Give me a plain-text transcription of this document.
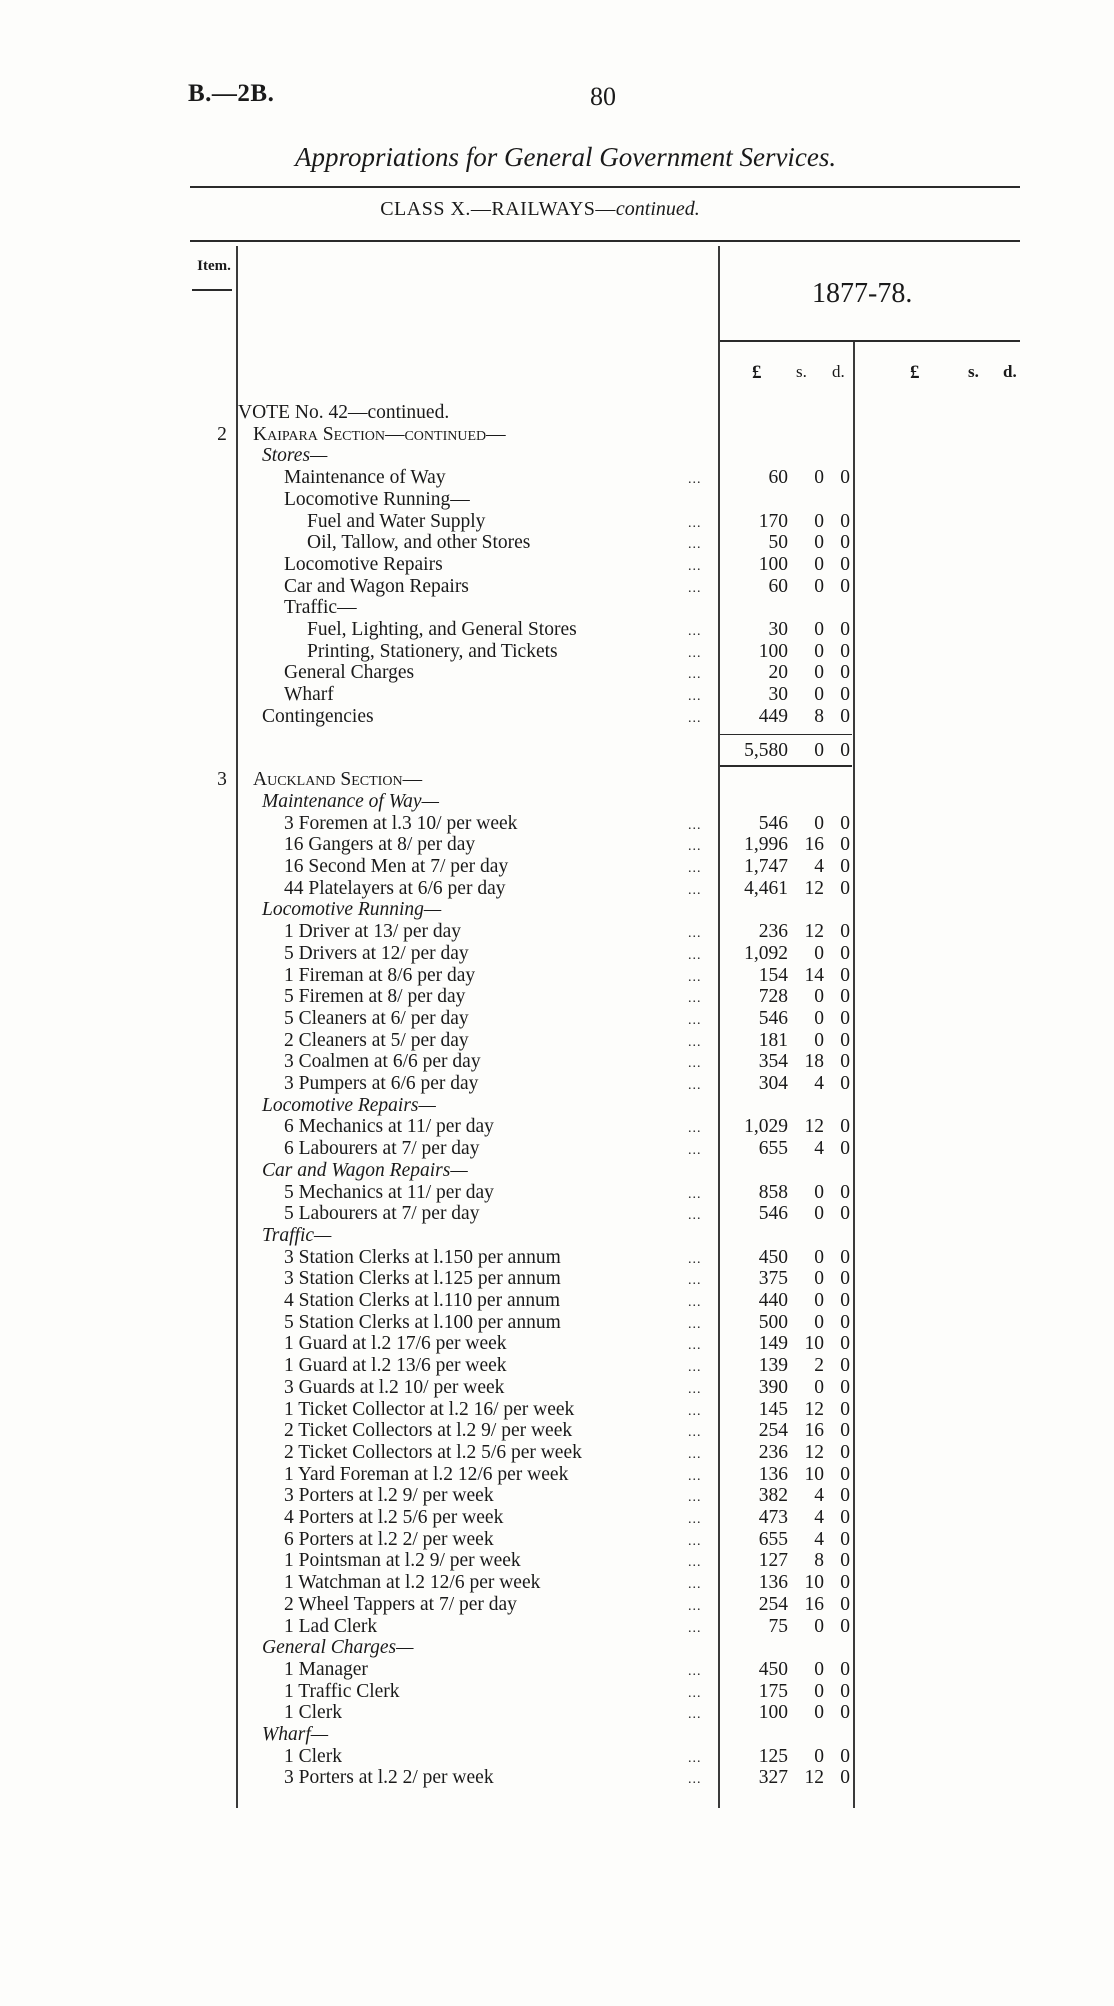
B.—2B.	80
Appropriations for General Government Services.
CLASS X.—RAILWAYS—continued.
Item.
1877-78.
£ s. d.	£	s. d.
VOTE No. 42—continued.
2 Kaipara Section—continued—
Stores—
Maintenance of Way	...	60	0 0
Locomotive Running—
Fuel and Water Supply	...	170	0 0
Oil, Tallow, and other Stores	...	50	0 0
Locomotive Repairs	...	100	0 0
Car and Wagon Repairs	...	60	0 0
Traffic—
Fuel, Lighting, and General Stores	...	30	0 0
Printing, Stationery, and Tickets	...	100	0 0
General Charges	...	20	0 0
Wharf	...	30	0 0
Contingencies	...	449	8 0
5,580	0 0
3 Auckland Section—
Maintenance of Way—
3 Foremen at l.3 10/ per week	...	546	0 0
16 Gangers at 8/ per day	...	1,996 16 0
16 Second Men at 7/ per day	...	1,747	4 0
44 Platelayers at 6/6 per day	...	4,461 12 0
Locomotive Running—
1 Driver at 13/ per day	...	236 12 0
5 Drivers at 12/ per day	...	1,092	0 0
1 Fireman at 8/6 per day	...	154 14 0
5 Firemen at 8/ per day	...	728	0 0
5 Cleaners at 6/ per day	...	546	0 0
2 Cleaners at 5/ per day	...	181	0 0
3 Coalmen at 6/6 per day	...	354 18 0
3 Pumpers at 6/6 per day	...	304	4 0
Locomotive Repairs—
6 Mechanics at 11/ per day	...	1,029 12 0
6 Labourers at 7/ per day	...	655	4 0
Car and Wagon Repairs—
5 Mechanics at 11/ per day	...	858	0 0
5 Labourers at 7/ per day	...	546	0 0
Traffic—
3 Station Clerks at l.150 per annum	...	450	0 0
3 Station Clerks at l.125 per annum	...	375	0 0
4 Station Clerks at l.110 per annum	...	440	0 0
5 Station Clerks at l.100 per annum	...	500	0 0
1 Guard at l.2 17/6 per week	...	149 10 0
1 Guard at l.2 13/6 per week	...	139	2 0
3 Guards at l.2 10/ per week	...	390	0 0
1 Ticket Collector at l.2 16/ per week	...	145 12 0
2 Ticket Collectors at l.2 9/ per week	...	254 16 0
2 Ticket Collectors at l.2 5/6 per week	...	236 12 0
1 Yard Foreman at l.2 12/6 per week	...	136 10 0
3 Porters at l.2 9/ per week	...	382	4 0
4 Porters at l.2 5/6 per week	...	473	4 0
6 Porters at l.2 2/ per week	...	655	4 0
1 Pointsman at l.2 9/ per week	...	127	8 0
1 Watchman at l.2 12/6 per week	...	136 10 0
2 Wheel Tappers at 7/ per day	...	254 16 0
1 Lad Clerk	...	75	0 0
General Charges—
1 Manager	...	450	0 0
1 Traffic Clerk	...	175	0 0
1 Clerk	...	100	0 0
Wharf—
1 Clerk	...	125	0 0
3 Porters at l.2 2/ per week	...	327 12 0
